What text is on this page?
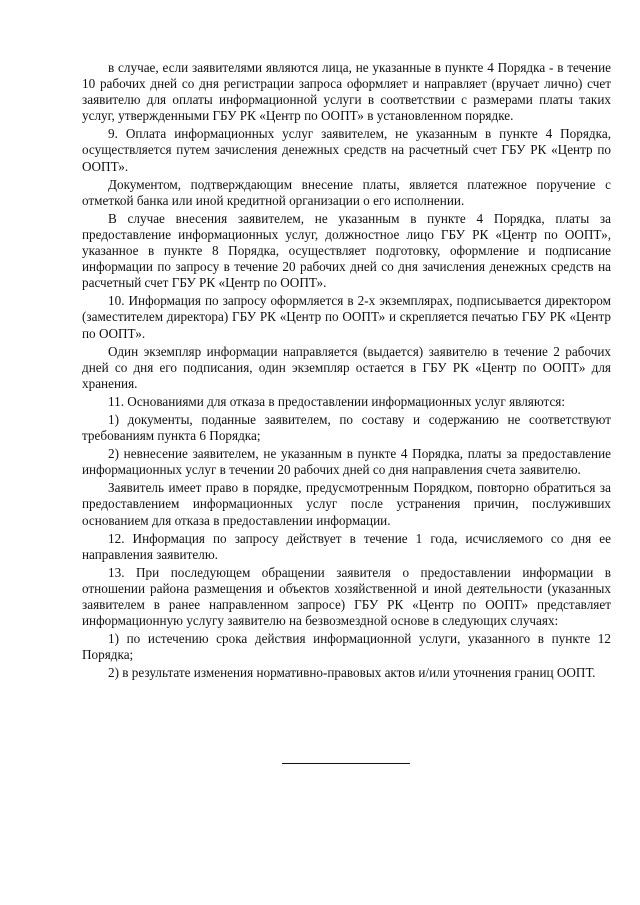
в случае, если заявителями являются лица, не указанные в пункте 4 Порядка - в течение 10 рабочих дней со дня регистрации запроса оформляет и направляет (вручает лично) счет заявителю для оплаты информационной услуги в соответствии с размерами платы таких услуг, утвержденными ГБУ РК «Центр по ООПТ» в установленном порядке.

9. Оплата информационных услуг заявителем, не указанным в пункте 4 Порядка, осуществляется путем зачисления денежных средств на расчетный счет ГБУ РК «Центр по ООПТ».

Документом, подтверждающим внесение платы, является платежное поручение с отметкой банка или иной кредитной организации о его исполнении.

В случае внесения заявителем, не указанным в пункте 4 Порядка, платы за предоставление информационных услуг, должностное лицо ГБУ РК «Центр по ООПТ», указанное в пункте 8 Порядка, осуществляет подготовку, оформление и подписание информации по запросу в течение 20 рабочих дней со дня зачисления денежных средств на расчетный счет ГБУ РК «Центр по ООПТ».

10. Информация по запросу оформляется в 2-х экземплярах, подписывается директором (заместителем директора) ГБУ РК «Центр по ООПТ» и скрепляется печатью ГБУ РК «Центр по ООПТ».

Один экземпляр информации направляется (выдается) заявителю в течение 2 рабочих дней со дня его подписания, один экземпляр остается в ГБУ РК «Центр по ООПТ» для хранения.

11. Основаниями для отказа в предоставлении информационных услуг являются:

1) документы, поданные заявителем, по составу и содержанию не соответствуют требованиям пункта 6 Порядка;

2) невнесение заявителем, не указанным в пункте 4 Порядка, платы за предоставление информационных услуг в течении 20 рабочих дней со дня направления счета заявителю.

Заявитель имеет право в порядке, предусмотренным Порядком, повторно обратиться за предоставлением информационных услуг после устранения причин, послуживших основанием для отказа в предоставлении информации.

12. Информация по запросу действует в течение 1 года, исчисляемого со дня ее направления заявителю.

13. При последующем обращении заявителя о предоставлении информации в отношении района размещения и объектов хозяйственной и иной деятельности (указанных заявителем в ранее направленном запросе) ГБУ РК «Центр по ООПТ» представляет информационную услугу заявителю на безвозмездной основе в следующих случаях:

1) по истечению срока действия информационной услуги, указанного в пункте 12 Порядка;

2) в результате изменения нормативно-правовых актов и/или уточнения границ ООПТ.
